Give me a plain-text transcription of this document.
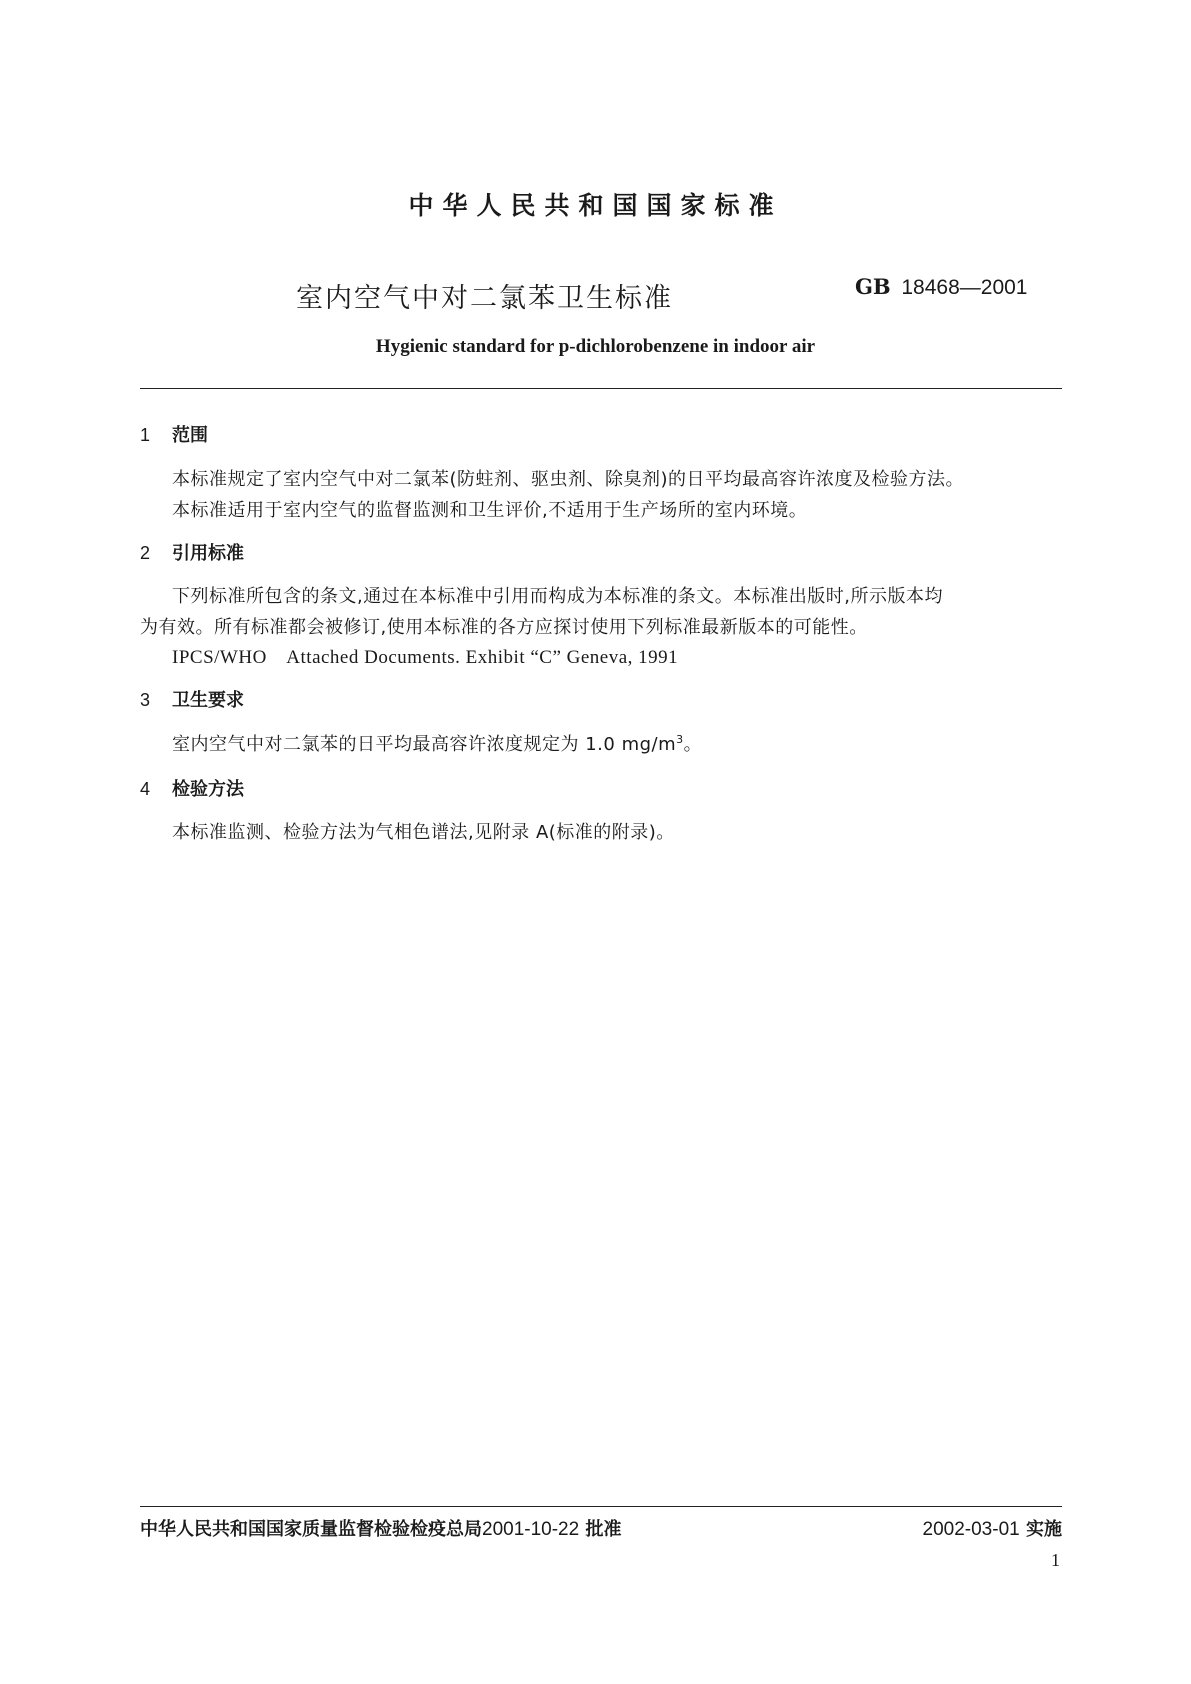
中华人民共和国国家标准
室内空气中对二氯苯卫生标准	GB 18468—2001
Hygienic standard for p-dichlorobenzene in indoor air
1 范围
本标准规定了室内空气中对二氯苯(防蛀剂、驱虫剂、除臭剂)的日平均最高容许浓度及检验方法。
本标准适用于室内空气的监督监测和卫生评价,不适用于生产场所的室内环境。
2 引用标准
下列标准所包含的条文,通过在本标准中引用而构成为本标准的条文。本标准出版时,所示版本均
为有效。所有标准都会被修订,使用本标准的各方应探讨使用下列标准最新版本的可能性。
IPCS/WHO　Attached Documents. Exhibit “C” Geneva, 1991
3 卫生要求
室内空气中对二氯苯的日平均最高容许浓度规定为 1.0 $mg/m^3$。
4 检验方法
本标准监测、检验方法为气相色谱法,见附录 A(标准的附录)。
中华人民共和国国家质量监督检验检疫总局2001-10-22 批准	2002-03-01 实施
1
